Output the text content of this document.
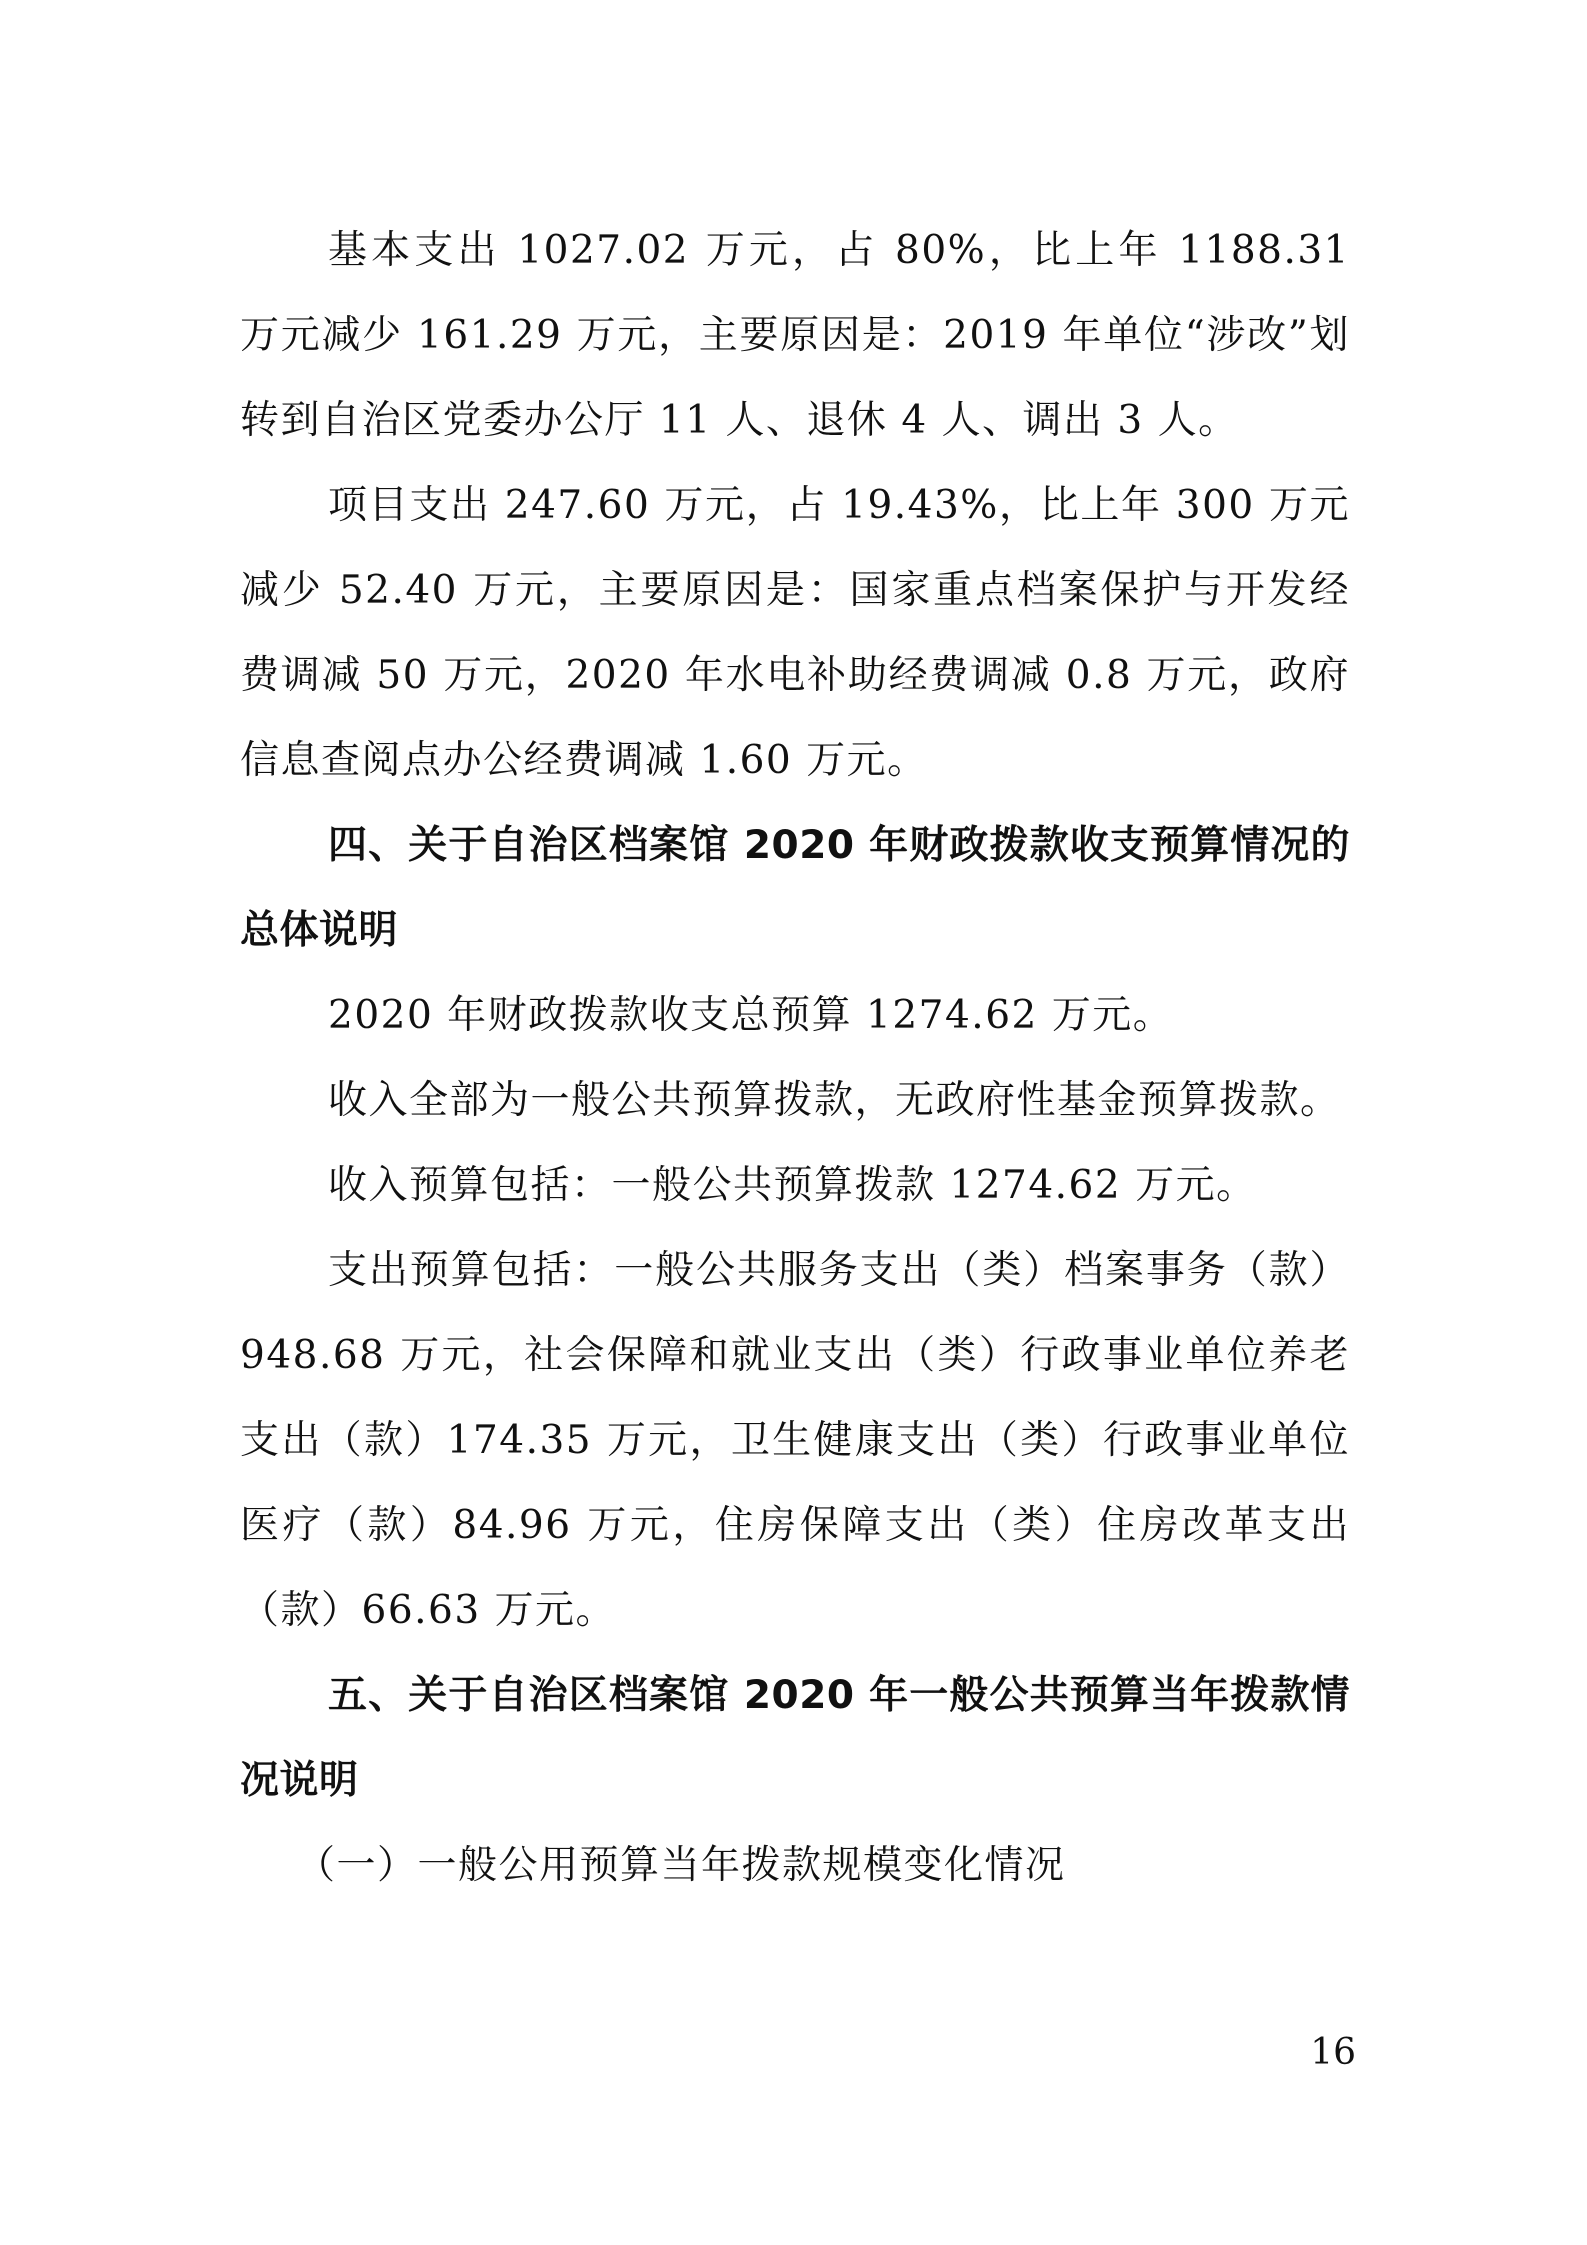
基本支出 1027.02 万元，占 80%，比上年 1188.31 万元减少 161.29 万元，主要原因是：2019 年单位“涉改”划转到自治区党委办公厅 11 人、退休 4 人、调出 3 人。

项目支出 247.60 万元，占 19.43%，比上年 300 万元减少 52.40 万元，主要原因是：国家重点档案保护与开发经费调减 50 万元，2020 年水电补助经费调减 0.8 万元，政府信息查阅点办公经费调减 1.60 万元。

四、关于自治区档案馆 2020 年财政拨款收支预算情况的总体说明

2020 年财政拨款收支总预算 1274.62 万元。

收入全部为一般公共预算拨款，无政府性基金预算拨款。

收入预算包括：一般公共预算拨款 1274.62 万元。

支出预算包括：一般公共服务支出（类）档案事务（款）948.68 万元，社会保障和就业支出（类）行政事业单位养老支出（款）174.35 万元，卫生健康支出（类）行政事业单位医疗（款）84.96 万元，住房保障支出（类）住房改革支出（款）66.63 万元。

五、关于自治区档案馆 2020 年一般公共预算当年拨款情况说明

（一）一般公用预算当年拨款规模变化情况

16
